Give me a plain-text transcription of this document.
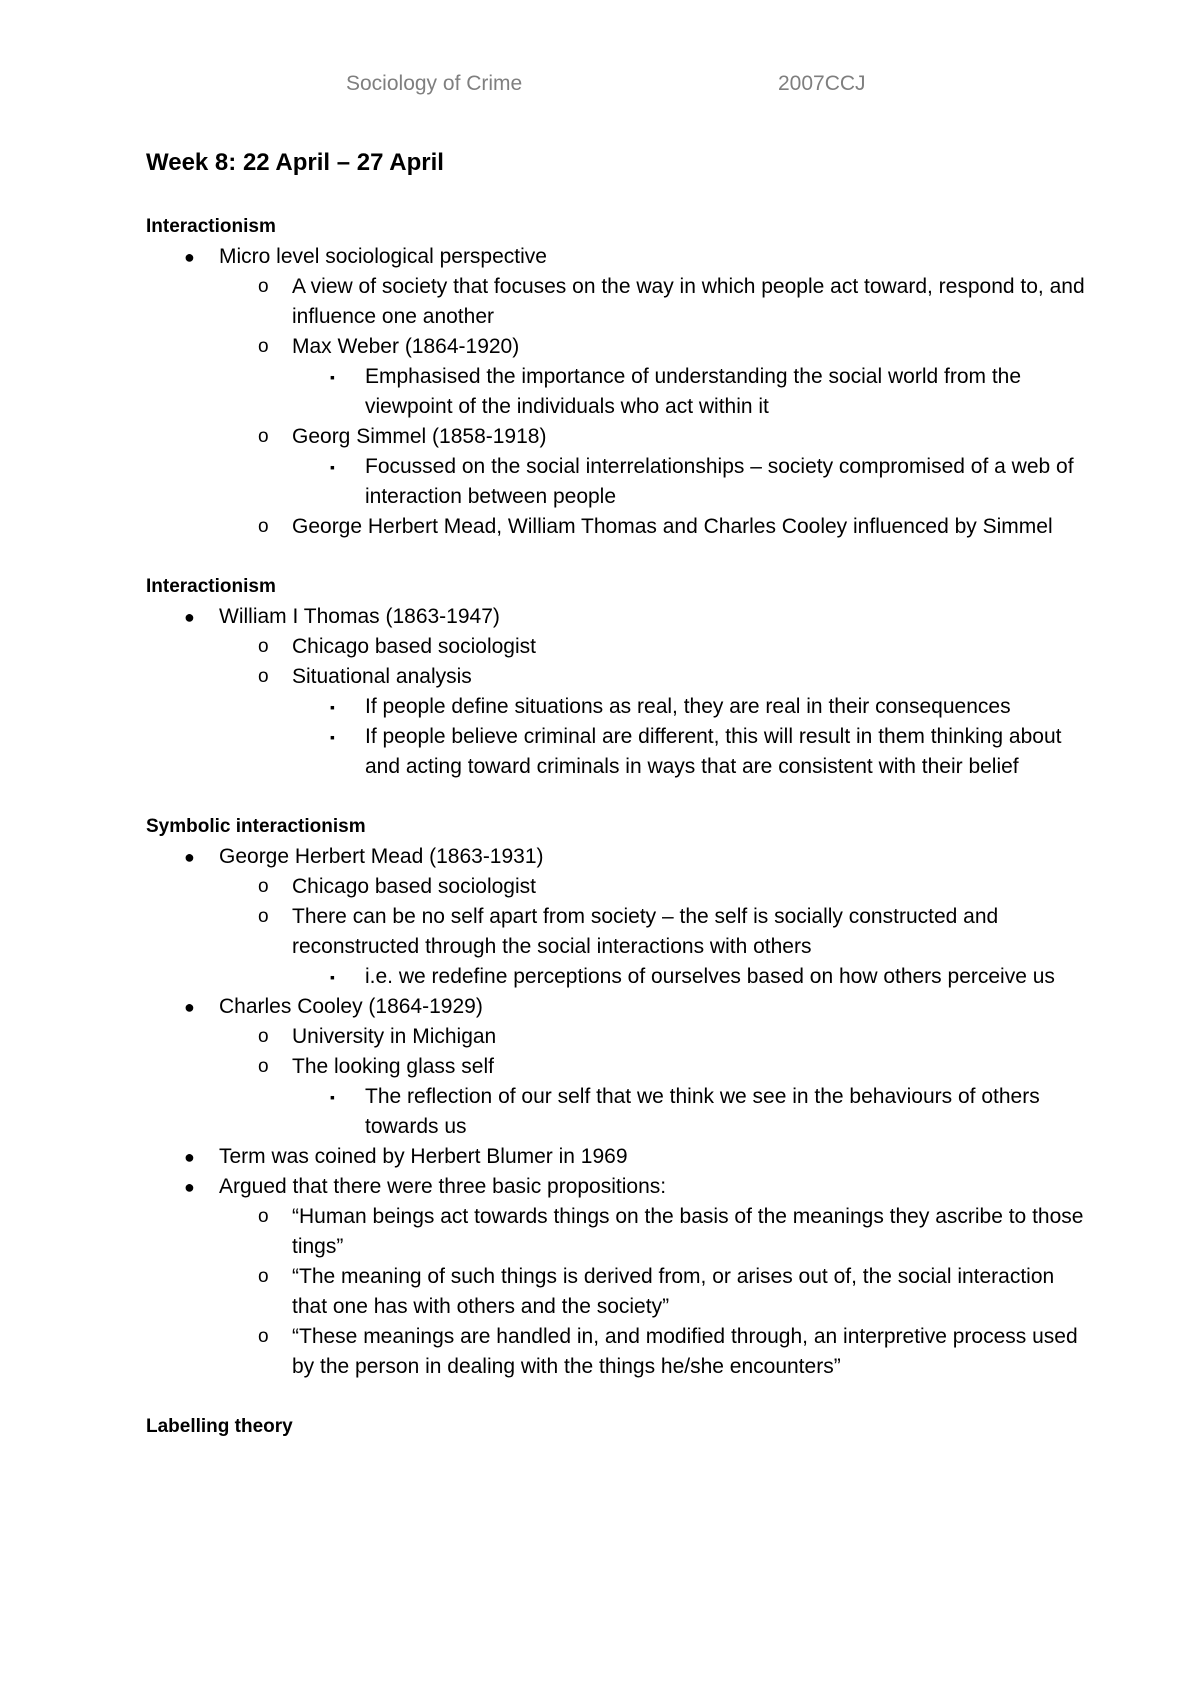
Sociology of Crime	2007CCJ
Week 8: 22 April – 27 April
Interactionism
● Micro level sociological perspective
o A view of society that focuses on the way in which people act toward, respond to, and influence one another
o Max Weber (1864-1920)
▪ Emphasised the importance of understanding the social world from the viewpoint of the individuals who act within it
o Georg Simmel (1858-1918)
▪ Focussed on the social interrelationships – society compromised of a web of interaction between people
o George Herbert Mead, William Thomas and Charles Cooley influenced by Simmel
Interactionism
● William I Thomas (1863-1947)
o Chicago based sociologist
o Situational analysis
▪ If people define situations as real, they are real in their consequences
▪ If people believe criminal are different, this will result in them thinking about and acting toward criminals in ways that are consistent with their belief
Symbolic interactionism
● George Herbert Mead (1863-1931)
o Chicago based sociologist
o There can be no self apart from society – the self is socially constructed and reconstructed through the social interactions with others
▪ i.e. we redefine perceptions of ourselves based on how others perceive us
● Charles Cooley (1864-1929)
o University in Michigan
o The looking glass self
▪ The reflection of our self that we think we see in the behaviours of others towards us
● Term was coined by Herbert Blumer in 1969
● Argued that there were three basic propositions:
o “Human beings act towards things on the basis of the meanings they ascribe to those tings”
o “The meaning of such things is derived from, or arises out of, the social interaction that one has with others and the society”
o “These meanings are handled in, and modified through, an interpretive process used by the person in dealing with the things he/she encounters”
Labelling theory
